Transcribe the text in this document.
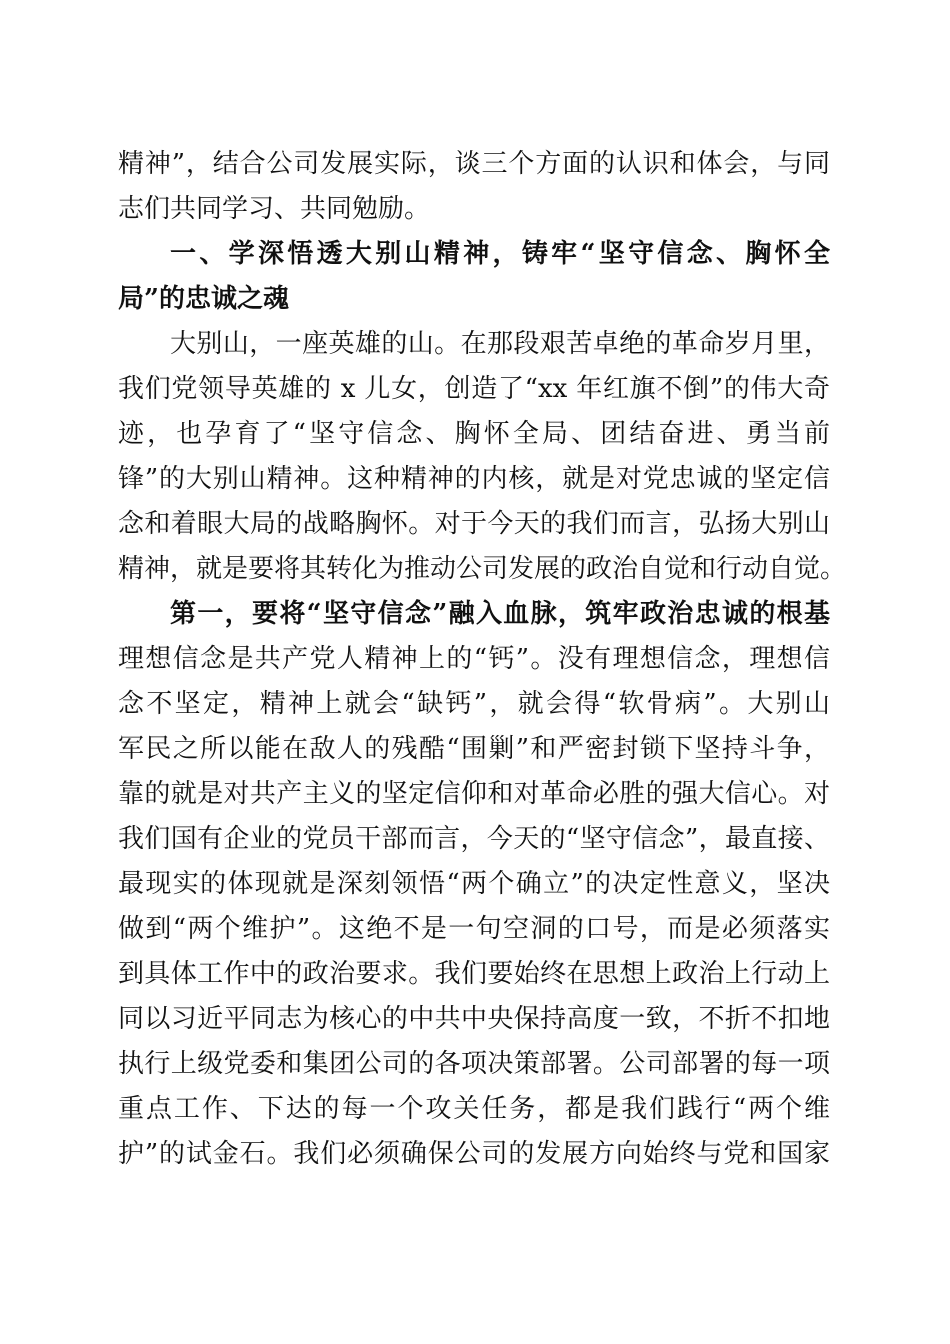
精神”，结合公司发展实际，谈三个方面的认识和体会，与同
志们共同学习、共同勉励。
一、学深悟透大别山精神，铸牢“坚守信念、胸怀全
局”的忠诚之魂
大别山，一座英雄的山。在那段艰苦卓绝的革命岁月里，
我们党领导英雄的 x 儿女，创造了“xx 年红旗不倒”的伟大奇
迹，也孕育了“坚守信念、胸怀全局、团结奋进、勇当前
锋”的大别山精神。这种精神的内核，就是对党忠诚的坚定信
念和着眼大局的战略胸怀。对于今天的我们而言，弘扬大别山
精神，就是要将其转化为推动公司发展的政治自觉和行动自觉。
第一，要将“坚守信念”融入血脉，筑牢政治忠诚的根基
理想信念是共产党人精神上的“钙”。没有理想信念，理想信
念不坚定，精神上就会“缺钙”，就会得“软骨病”。大别山
军民之所以能在敌人的残酷“围剿”和严密封锁下坚持斗争，
靠的就是对共产主义的坚定信仰和对革命必胜的强大信心。对
我们国有企业的党员干部而言，今天的“坚守信念”，最直接、
最现实的体现就是深刻领悟“两个确立”的决定性意义，坚决
做到“两个维护”。这绝不是一句空洞的口号，而是必须落实
到具体工作中的政治要求。我们要始终在思想上政治上行动上
同以习近平同志为核心的中共中央保持高度一致，不折不扣地
执行上级党委和集团公司的各项决策部署。公司部署的每一项
重点工作、下达的每一个攻关任务，都是我们践行“两个维
护”的试金石。我们必须确保公司的发展方向始终与党和国家
